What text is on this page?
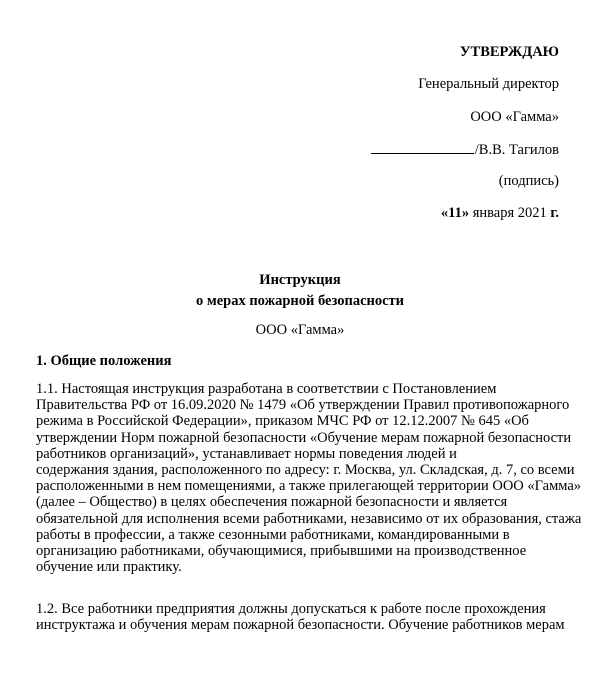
УТВЕРЖДАЮ
Генеральный директор
ООО «Гамма»
/В.В. Тагилов
(подпись)
«11» января 2021 г.
Инструкция
о мерах пожарной безопасности
ООО «Гамма»
1. Общие положения
1.1. Настоящая инструкция разработана в соответствии с Постановлением
Правительства РФ от 16.09.2020 № 1479 «Об утверждении Правил противопожарного
режима в Российской Федерации», приказом МЧС РФ от 12.12.2007 № 645 «Об
утверждении Норм пожарной безопасности «Обучение мерам пожарной безопасности
работников организаций», устанавливает нормы поведения людей и
содержания здания, расположенного по адресу: г. Москва, ул. Складская, д. 7, со всеми
расположенными в нем помещениями, а также прилегающей территории ООО «Гамма»
(далее – Общество) в целях обеспечения пожарной безопасности и является
обязательной для исполнения всеми работниками, независимо от их образования, стажа
работы в профессии, а также сезонными работниками, командированными в
организацию работниками, обучающимися, прибывшими на производственное
обучение или практику.
1.2. Все работники предприятия должны допускаться к работе после прохождения
инструктажа и обучения мерам пожарной безопасности. Обучение работников мерам
